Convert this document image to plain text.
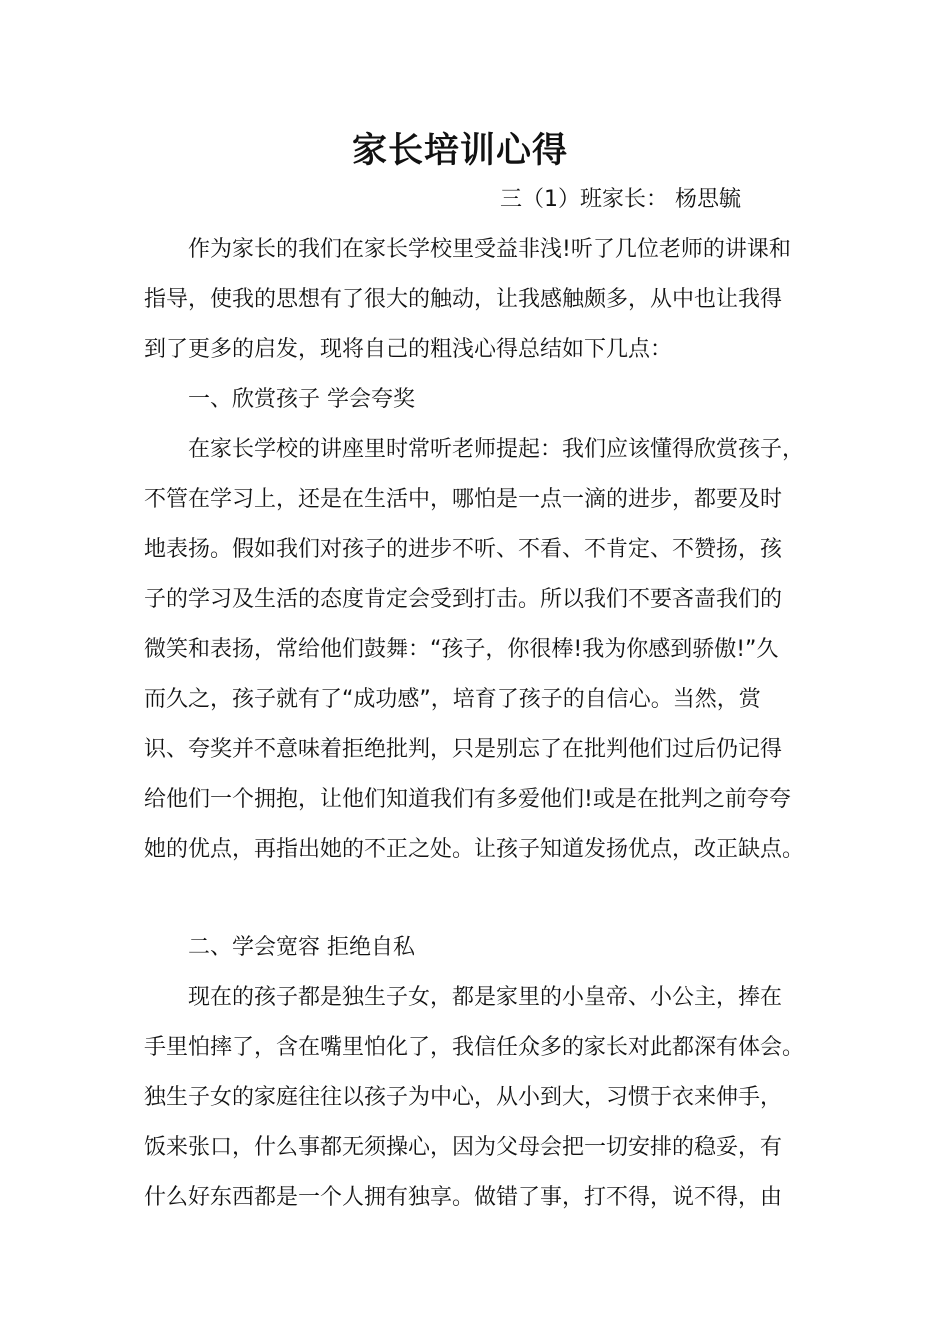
家长培训心得
三（1）班家长： 杨思毓
作为家长的我们在家长学校里受益非浅!听了几位老师的讲课和
指导，使我的思想有了很大的触动，让我感触颇多，从中也让我得
到了更多的启发，现将自己的粗浅心得总结如下几点：
一、欣赏孩子 学会夸奖
在家长学校的讲座里时常听老师提起：我们应该懂得欣赏孩子，
不管在学习上，还是在生活中，哪怕是一点一滴的进步，都要及时
地表扬。假如我们对孩子的进步不听、不看、不肯定、不赞扬，孩
子的学习及生活的态度肯定会受到打击。所以我们不要吝啬我们的
微笑和表扬，常给他们鼓舞：“孩子，你很棒!我为你感到骄傲!”久
而久之，孩子就有了“成功感”，培育了孩子的自信心。当然，赏
识、夸奖并不意味着拒绝批判，只是别忘了在批判他们过后仍记得
给他们一个拥抱，让他们知道我们有多爱他们!或是在批判之前夸夸
她的优点，再指出她的不正之处。让孩子知道发扬优点，改正缺点。
二、学会宽容 拒绝自私
现在的孩子都是独生子女，都是家里的小皇帝、小公主，捧在
手里怕摔了，含在嘴里怕化了，我信任众多的家长对此都深有体会。
独生子女的家庭往往以孩子为中心，从小到大，习惯于衣来伸手，
饭来张口，什么事都无须操心，因为父母会把一切安排的稳妥，有
什么好东西都是一个人拥有独享。做错了事，打不得，说不得，由
